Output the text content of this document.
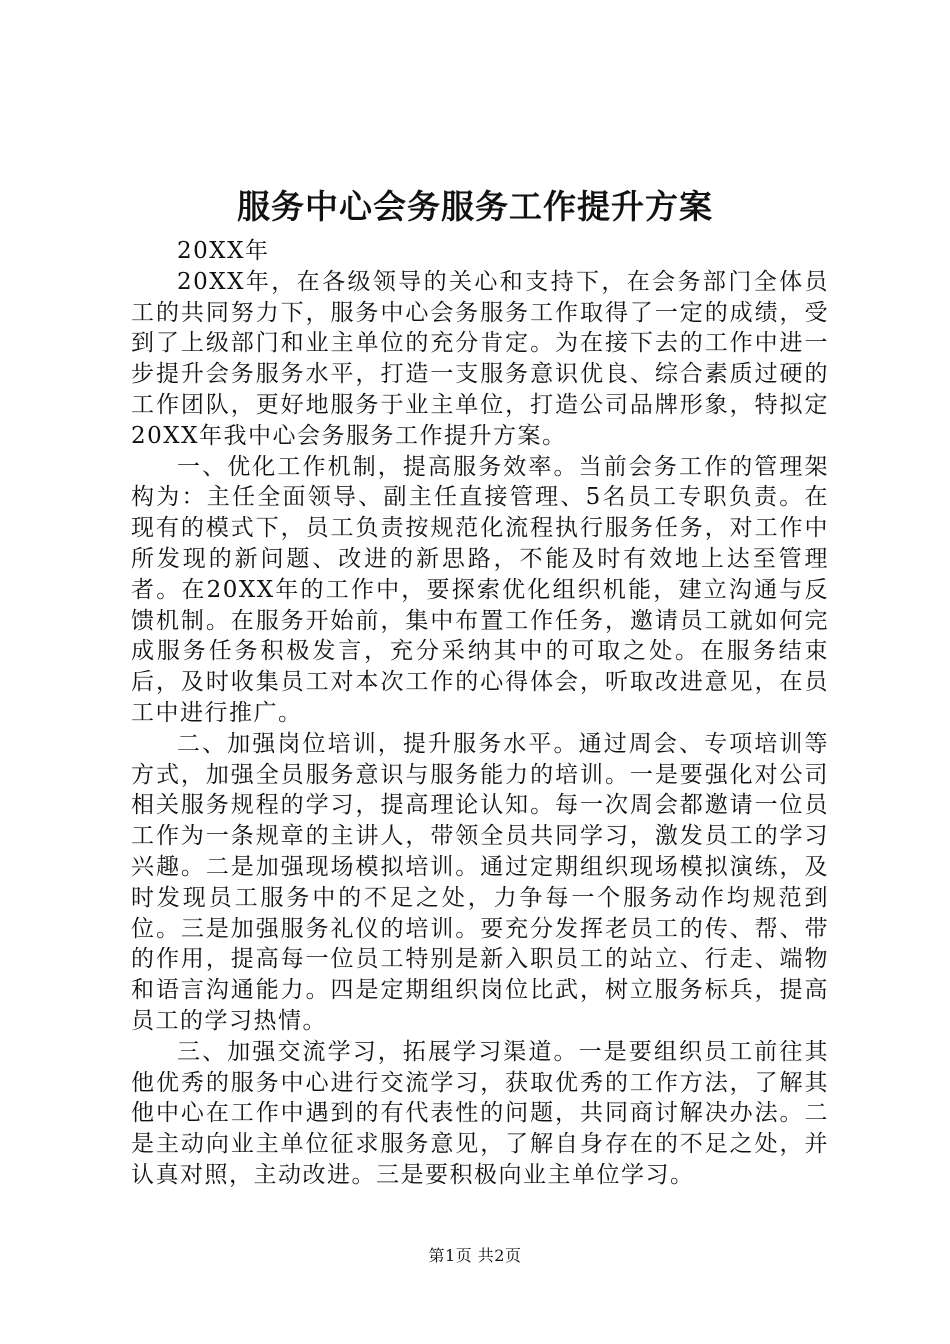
服务中心会务服务工作提升方案

20XX年

20XX年，在各级领导的关心和支持下，在会务部门全体员工的共同努力下，服务中心会务服务工作取得了一定的成绩，受到了上级部门和业主单位的充分肯定。为在接下去的工作中进一步提升会务服务水平，打造一支服务意识优良、综合素质过硬的工作团队，更好地服务于业主单位，打造公司品牌形象，特拟定20XX年我中心会务服务工作提升方案。

一、优化工作机制，提高服务效率。当前会务工作的管理架构为：主任全面领导、副主任直接管理、5名员工专职负责。在现有的模式下，员工负责按规范化流程执行服务任务，对工作中所发现的新问题、改进的新思路，不能及时有效地上达至管理者。在20XX年的工作中，要探索优化组织机能，建立沟通与反馈机制。在服务开始前，集中布置工作任务，邀请员工就如何完成服务任务积极发言，充分采纳其中的可取之处。在服务结束后，及时收集员工对本次工作的心得体会，听取改进意见，在员工中进行推广。

二、加强岗位培训，提升服务水平。通过周会、专项培训等方式，加强全员服务意识与服务能力的培训。一是要强化对公司相关服务规程的学习，提高理论认知。每一次周会都邀请一位员工作为一条规章的主讲人，带领全员共同学习，激发员工的学习兴趣。二是加强现场模拟培训。通过定期组织现场模拟演练，及时发现员工服务中的不足之处，力争每一个服务动作均规范到位。三是加强服务礼仪的培训。要充分发挥老员工的传、帮、带的作用，提高每一位员工特别是新入职员工的站立、行走、端物和语言沟通能力。四是定期组织岗位比武，树立服务标兵，提高员工的学习热情。

三、加强交流学习，拓展学习渠道。一是要组织员工前往其他优秀的服务中心进行交流学习，获取优秀的工作方法，了解其他中心在工作中遇到的有代表性的问题，共同商讨解决办法。二是主动向业主单位征求服务意见，了解自身存在的不足之处，并认真对照，主动改进。三是要积极向业主单位学习。

第1页 共2页
